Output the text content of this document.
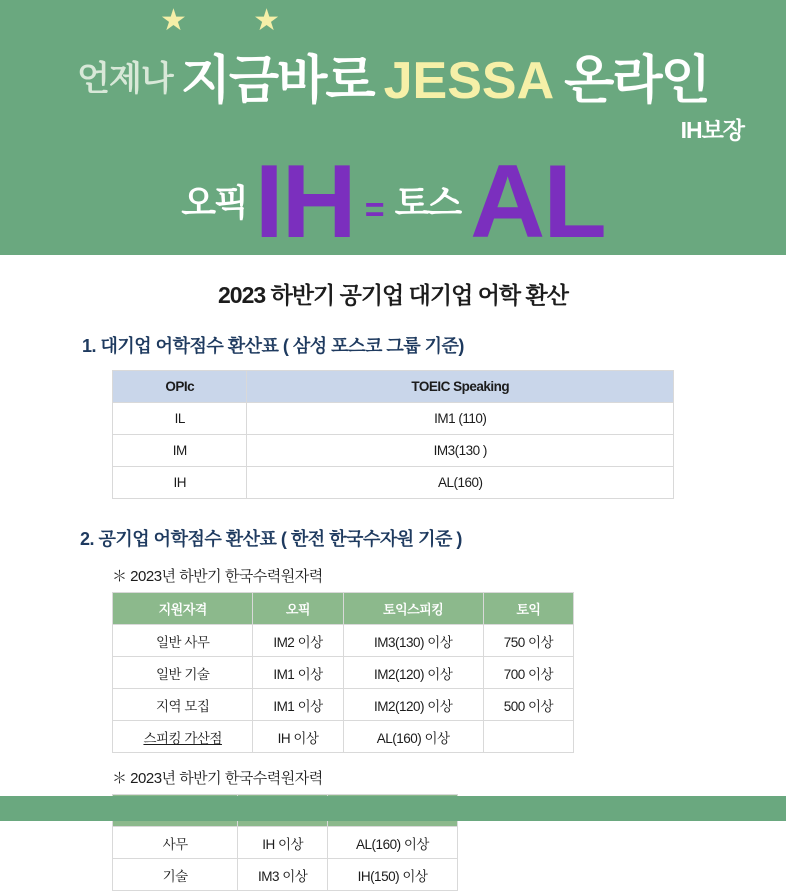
★ ★
언제나 지금바로 JESSA 온라인
IH보장
오픽IH = 토스AL
2023 하반기 공기업 대기업 어학 환산
1. 대기업 어학점수 환산표 ( 삼성 포스코 그룹 기준)
OPIc	TOEIC Speaking
IL	IM1 (110)
IM	IM3(130 )
IH	AL(160)
2. 공기업 어학점수 환산표 ( 한전 한국수자원 기준 )
＊ 2023년 하반기 한국수력원자력
지원자격	오픽	토익스피킹	토익
일반 사무	IM2 이상	IM3(130) 이상	750 이상
일반 기술	IM1 이상	IM2(120) 이상	700 이상
지역 모집	IM1 이상	IM2(120) 이상	500 이상
스피킹 가산점	IH 이상	AL(160) 이상	
＊ 2023년 하반기 한국수력원자력

사무	IH 이상	AL(160) 이상
기술	IM3 이상	IH(150) 이상
